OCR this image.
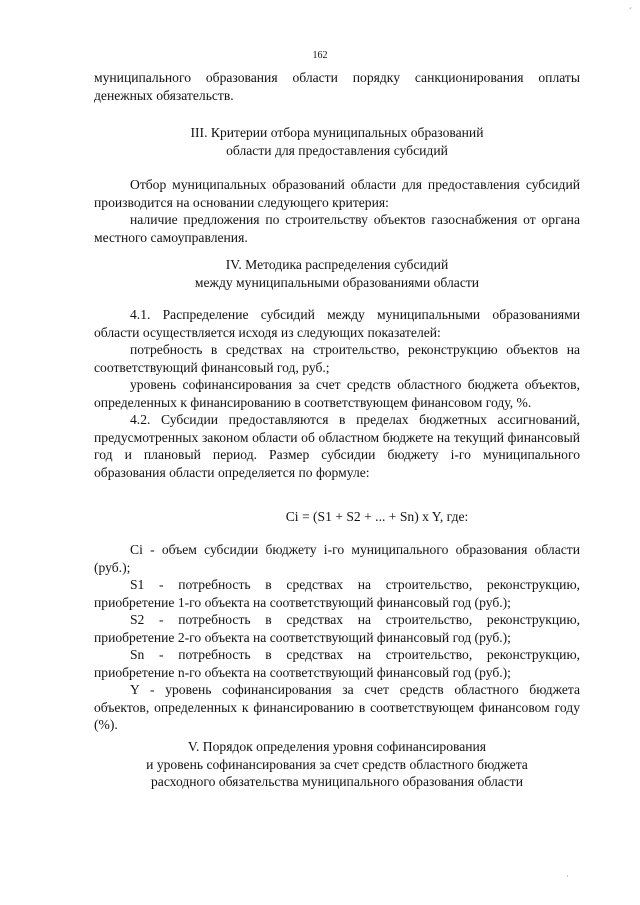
162

муниципального образования области порядку санкционирования оплаты денежных обязательств.

III. Критерии отбора муниципальных образований

области для предоставления субсидий

Отбор муниципальных образований области для предоставления субсидий производится на основании следующего критерия:

наличие предложения по строительству объектов газоснабжения от органа местного самоуправления.

IV. Методика распределения субсидий

между муниципальными образованиями области

4.1. Распределение субсидий между муниципальными образованиями области осуществляется исходя из следующих показателей:

потребность в средствах на строительство, реконструкцию объектов на соответствующий финансовый год, руб.;

уровень софинансирования за счет средств областного бюджета объектов, определенных к финансированию в соответствующем финансовом году, %.

4.2. Субсидии предоставляются в пределах бюджетных ассигнований, предусмотренных законом области об областном бюджете на текущий финансовый год и плановый период. Размер субсидии бюджету i-го муниципального образования области определяется по формуле:

Ci = (S1 + S2 + ... + Sn) x Y, где:

Ci - объем субсидии бюджету i-го муниципального образования области (руб.);

S1 - потребность в средствах на строительство, реконструкцию, приобретение 1-го объекта на соответствующий финансовый год (руб.);

S2 - потребность в средствах на строительство, реконструкцию, приобретение 2-го объекта на соответствующий финансовый год (руб.);

Sn - потребность в средствах на строительство, реконструкцию, приобретение n-го объекта на соответствующий финансовый год (руб.);

Y - уровень софинансирования за счет средств областного бюджета объектов, определенных к финансированию в соответствующем финансовом году (%).

V. Порядок определения уровня софинансирования

и уровень софинансирования за счет средств областного бюджета

расходного обязательства муниципального образования области

´
˙
